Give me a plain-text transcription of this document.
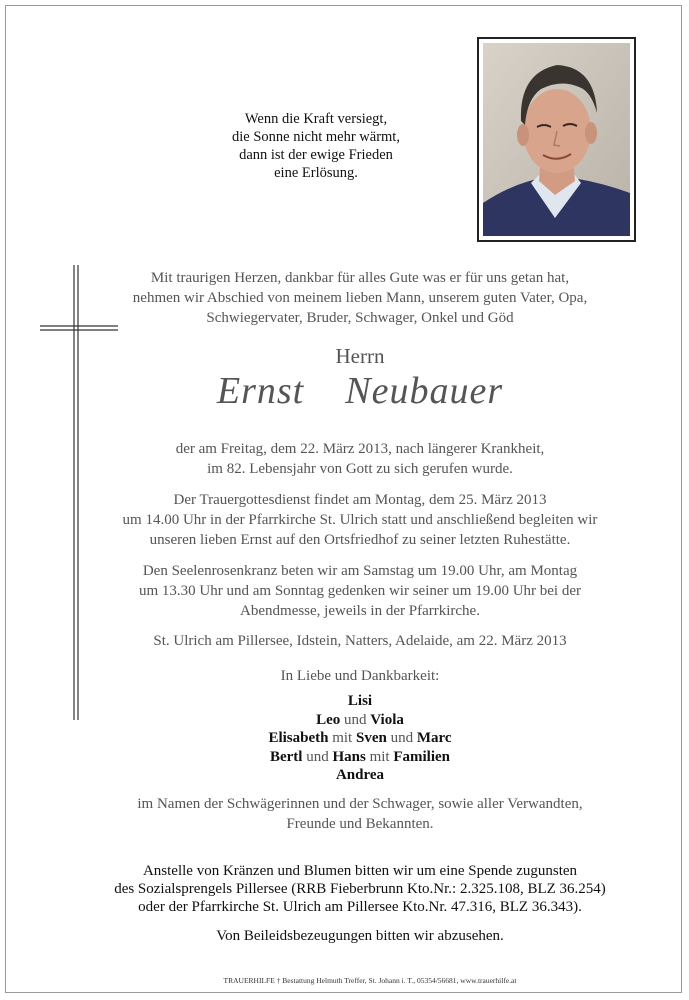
Wenn die Kraft versiegt,
die Sonne nicht mehr wärmt,
dann ist der ewige Frieden
eine Erlösung.
Mit traurigen Herzen, dankbar für alles Gute was er für uns getan hat,
nehmen wir Abschied von meinem lieben Mann, unserem guten Vater, Opa,
Schwiegervater, Bruder, Schwager, Onkel und Göd
Herrn
Ernst  Neubauer
der am Freitag, dem 22. März 2013, nach längerer Krankheit,
im 82. Lebensjahr von Gott zu sich gerufen wurde.
Der Trauergottesdienst findet am Montag, dem 25. März 2013
um 14.00 Uhr in der Pfarrkirche St. Ulrich statt und anschließend begleiten wir
unseren lieben Ernst auf den Ortsfriedhof zu seiner letzten Ruhestätte.
Den Seelenrosenkranz beten wir am Samstag um 19.00 Uhr, am Montag
um 13.30 Uhr und am Sonntag gedenken wir seiner um 19.00 Uhr bei der
Abendmesse, jeweils in der Pfarrkirche.
St. Ulrich am Pillersee, Idstein, Natters, Adelaide, am 22. März 2013
In Liebe und Dankbarkeit:
Lisi
Leo und Viola
Elisabeth mit Sven und Marc
Bertl und Hans mit Familien
Andrea
im Namen der Schwägerinnen und der Schwager, sowie aller Verwandten,
Freunde und Bekannten.
Anstelle von Kränzen und Blumen bitten wir um eine Spende zugunsten
des Sozialsprengels Pillersee (RRB Fieberbrunn Kto.Nr.: 2.325.108, BLZ 36.254)
oder der Pfarrkirche St. Ulrich am Pillersee Kto.Nr. 47.316, BLZ 36.343).
Von Beileidsbezeugungen bitten wir abzusehen.
TRAUERHILFE † Bestattung Helmuth Treffer, St. Johann i. T., 05354/56681, www.trauerhilfe.at
